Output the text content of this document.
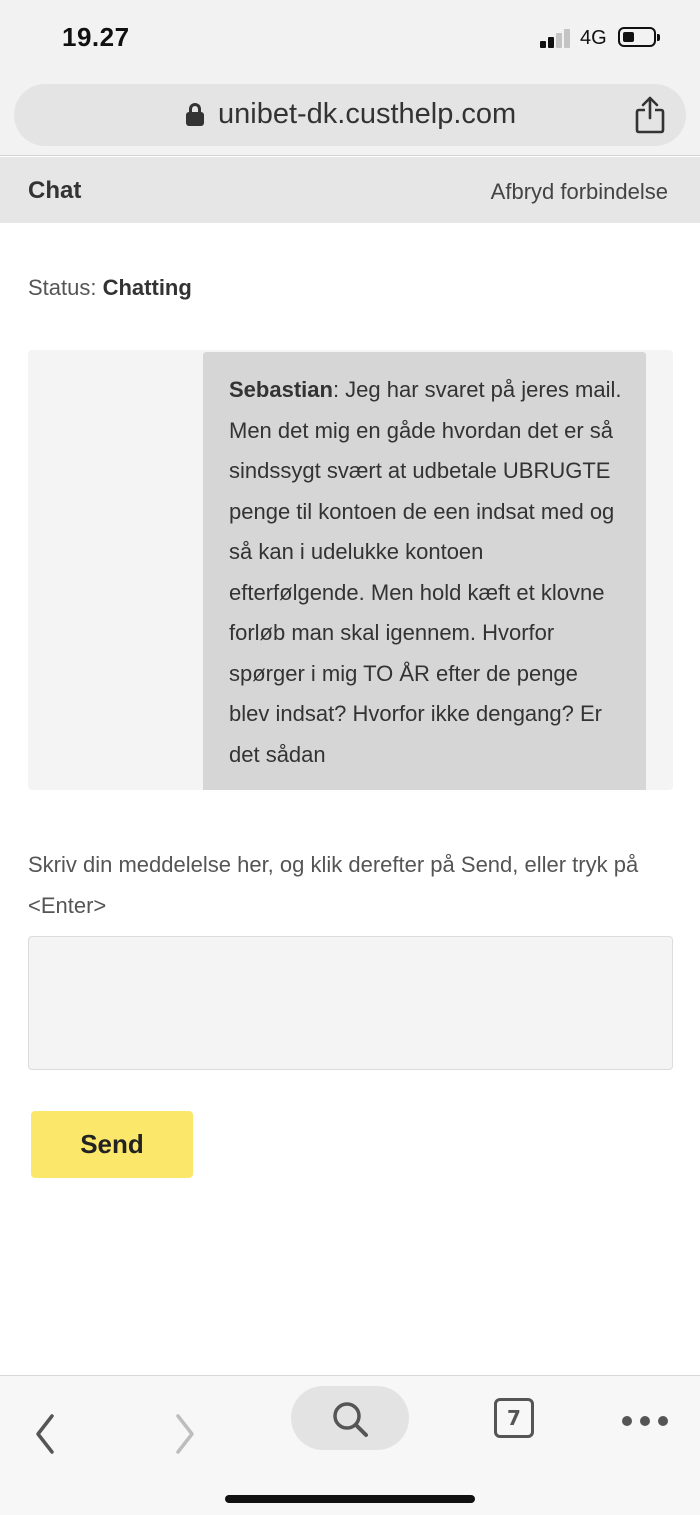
19.27	4G
unibet-dk.custhelp.com
Chat	Afbryd forbindelse
Status: Chatting
Sebastian: Jeg har svaret på jeres mail. Men det mig en gåde hvordan det er så sindssygt svært at udbetale UBRUGTE penge til kontoen de een indsat med og så kan i udelukke kontoen efterfølgende. Men hold kæft et klovne forløb man skal igennem. Hvorfor spørger i mig TO ÅR efter de penge blev indsat? Hvorfor ikke dengang? Er det sådan
Skriv din meddelelse her, og klik derefter på Send, eller tryk på <Enter>
Send
7
